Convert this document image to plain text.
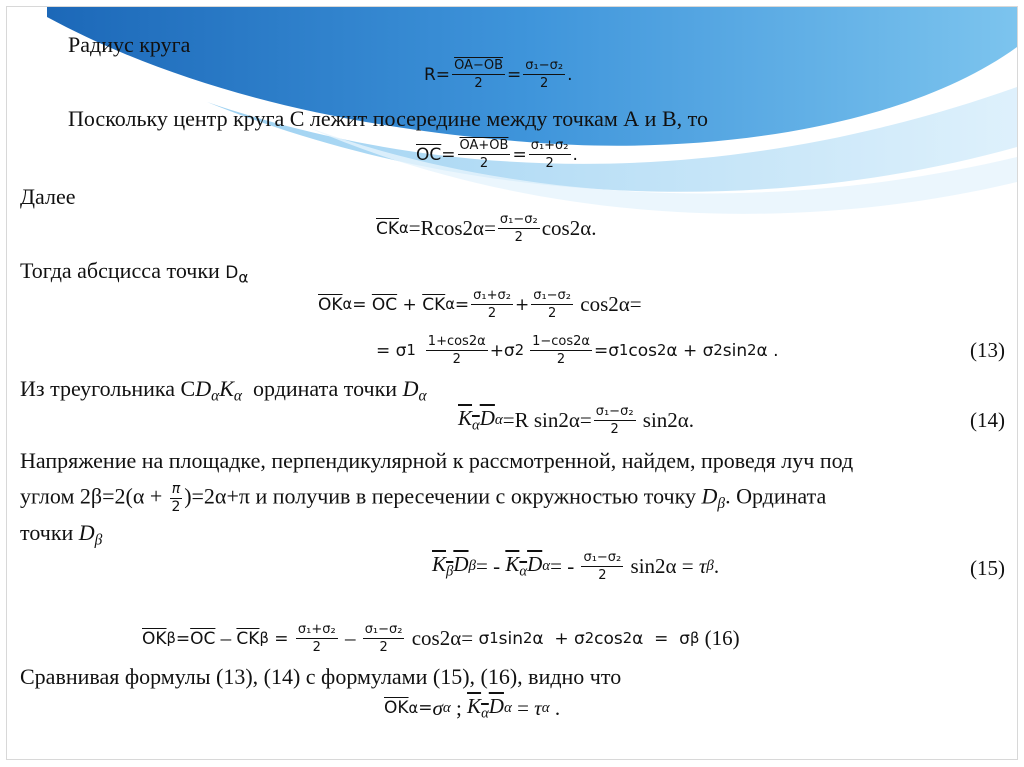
Радиус круга
$R= \frac{OA-OB}{2} = \frac{\text{σ₁−σ₂}}{2}$ .
Поскольку центр круга С лежит посередине между точкам А и В, то
$\overline{OC} = \frac{OA+OB}{2} = \frac{\text{σ₁+σ₂}}{2}$ .
Далее
$\overline{CK}$ $\alpha =Rcos2\alpha= \frac{\text{σ₁−σ₂}}{2} \cos 2\alpha$.
Тогда абсцисса точки $D_\alpha$
$\overline{OK}$ $\alpha = \overline{OC} + \overline{CK}$ $\alpha = \frac{\text{σ₁+σ₂}}{2} + \frac{\text{σ₁−σ₂}}{2}$
cos2α=
= σ 1
1+cos2α
2 +σ $2 \frac{1-\cos 2\alpha}{2} =\sigma$ 1 cos 2 α + σ 2 sin 2 α .	(13)
Из треугольника $СD_\alpha K_\alpha$ ордината точки $D_\alpha$
$K_\alpha D$ α =R $\sin 2\alpha= \frac{\text{σ₁−σ₂}}{2}$
sin2α.	(14)
Напряжение на площадке, перпендикулярной к рассмотренной, найдем, проведя луч под
углом $2\beta=2(\alpha + \frac{\pi}{2} )=2\alpha+\pi$ и получив в пересечении с окружностью точку $D_\beta$. Ордината
точки $D_\beta$
$K_\beta D$ β = - $K_\alpha D$ α = - σ₁−σ₂
2
sin2α = τ β .	(15)
$\overline{OK}$ $\beta = \overline{OC} - \overline{CK}$ $\beta = \frac{\text{σ₁+σ₂}}{2} - \sigma_1-\sigma_2$
2
cos2α= σ 1 sin 2 α  + σ 2 cos 2 α  =  σ β
(16)
Сравнивая формулы (13), (14) с формулами (15), (16), видно что
$\overline{OK}$ α = σ α ; $K_\alpha D$ α = τ α .
